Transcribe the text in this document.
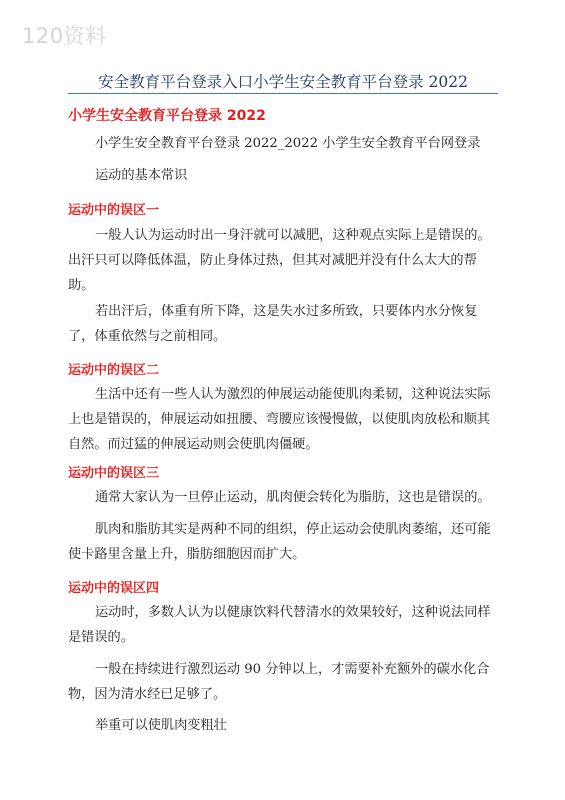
120资料
安全教育平台登录入口小学生安全教育平台登录 2022
小学生安全教育平台登录 2022

小学生安全教育平台登录 2022_2022 小学生安全教育平台网登录

运动的基本常识

运动中的误区一

一般人认为运动时出一身汗就可以减肥，这种观点实际上是错误的。出汗只可以降低体温，防止身体过热，但其对减肥并没有什么太大的帮助。

若出汗后，体重有所下降，这是失水过多所致，只要体内水分恢复了，体重依然与之前相同。

运动中的误区二

生活中还有一些人认为激烈的伸展运动能使肌肉柔韧，这种说法实际上也是错误的，伸展运动如扭腰、弯腰应该慢慢做，以使肌肉放松和顺其自然。而过猛的伸展运动则会使肌肉僵硬。

运动中的误区三

通常大家认为一旦停止运动，肌肉便会转化为脂肪，这也是错误的。

肌肉和脂肪其实是两种不同的组织，停止运动会使肌肉萎缩，还可能使卡路里含量上升，脂肪细胞因而扩大。

运动中的误区四

运动时，多数人认为以健康饮料代替清水的效果较好，这种说法同样是错误的。

一般在持续进行激烈运动 90 分钟以上，才需要补充额外的碳水化合物，因为清水经已足够了。

举重可以使肌肉变粗壮
